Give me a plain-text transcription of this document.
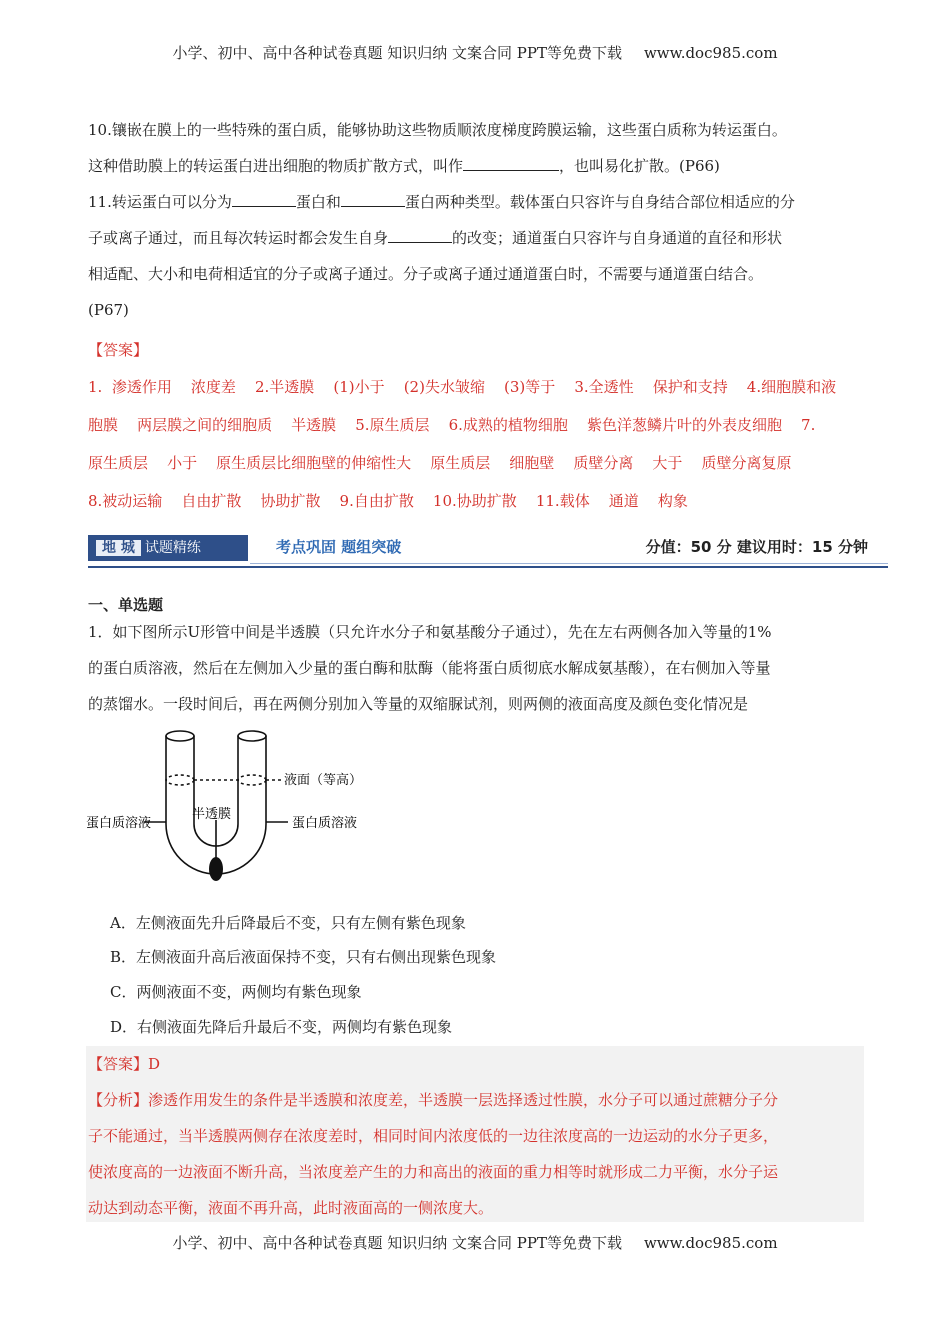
小学、初中、高中各种试卷真题 知识归纳 文案合同 PPT等免费下载 www.doc985.com
10.镶嵌在膜上的一些特殊的蛋白质，能够协助这些物质顺浓度梯度跨膜运输，这些蛋白质称为转运蛋白。
这种借助膜上的转运蛋白进出细胞的物质扩散方式，叫作	，也叫易化扩散。(P66)
11.转运蛋白可以分为	蛋白和	蛋白两种类型。载体蛋白只容许与自身结合部位相适应的分
子或离子通过，而且每次转运时都会发生自身	的改变；通道蛋白只容许与自身通道的直径和形状
相适配、大小和电荷相适宜的分子或离子通过。分子或离子通过通道蛋白时，不需要与通道蛋白结合。
(P67)
【答案】
1.  渗透作用    浓度差    2.半透膜    (1)小于    (2)失水皱缩    (3)等于    3.全透性    保护和支持    4.细胞膜和液
胞膜    两层膜之间的细胞质    半透膜    5.原生质层    6.成熟的植物细胞    紫色洋葱鳞片叶的外表皮细胞    7.
原生质层    小于    原生质层比细胞壁的伸缩性大    原生质层    细胞壁    质壁分离    大于    质壁分离复原
8.被动运输    自由扩散    协助扩散    9.自由扩散    10.协助扩散    11.载体    通道    构象
地 城 试题精练	考点巩固 题组突破	分值：50 分 建议用时：15 分钟
一、单选题
1．如下图所示U形管中间是半透膜（只允许水分子和氨基酸分子通过），先在左右两侧各加入等量的1%
的蛋白质溶液，然后在左侧加入少量的蛋白酶和肽酶（能将蛋白质彻底水解成氨基酸），在右侧加入等量
的蒸馏水。一段时间后，再在两侧分别加入等量的双缩脲试剂，则两侧的液面高度及颜色变化情况是
液面（等高）
半透膜
蛋白质溶液	蛋白质溶液
A．左侧液面先升后降最后不变，只有左侧有紫色现象
B．左侧液面升高后液面保持不变，只有右侧出现紫色现象
C．两侧液面不变，两侧均有紫色现象
D．右侧液面先降后升最后不变，两侧均有紫色现象
【答案】D
【分析】渗透作用发生的条件是半透膜和浓度差，半透膜一层选择透过性膜，水分子可以通过蔗糖分子分
子不能通过，当半透膜两侧存在浓度差时，相同时间内浓度低的一边往浓度高的一边运动的水分子更多，
使浓度高的一边液面不断升高，当浓度差产生的力和高出的液面的重力相等时就形成二力平衡，水分子运
动达到动态平衡，液面不再升高，此时液面高的一侧浓度大。
小学、初中、高中各种试卷真题 知识归纳 文案合同 PPT等免费下载 www.doc985.com
